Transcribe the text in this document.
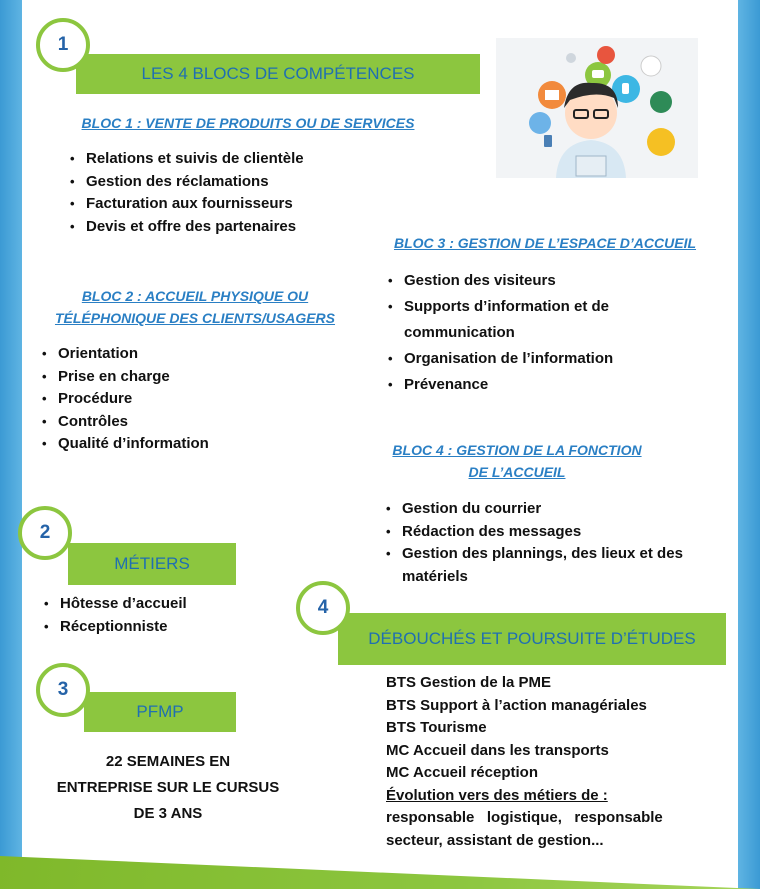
1
LES 4 BLOCS DE COMPÉTENCES
BLOC 1 : VENTE DE PRODUITS OU DE SERVICES
• Relations et suivis de clientèle
• Gestion des réclamations
• Facturation aux fournisseurs
• Devis et offre des partenaires
BLOC 3 : GESTION DE L’ESPACE D’ACCUEIL
• Gestion des visiteurs
• Supports d’information et de communication
• Organisation de l’information
• Prévenance
BLOC 2 : ACCUEIL PHYSIQUE OU
TÉLÉPHONIQUE DES CLIENTS/USAGERS
• Orientation
• Prise en charge
• Procédure
• Contrôles
• Qualité d’information	BLOC 4 : GESTION DE LA FONCTION
DE L’ACCUEIL
• Gestion du courrier
• Rédaction des messages
• Gestion des plannings, des lieux et des matériels
2
MÉTIERS
• Hôtesse d’accueil
• Réceptionniste
3
PFMP
22 SEMAINES EN
ENTREPRISE SUR LE CURSUS
DE 3 ANS
4
DÉBOUCHÉS ET POURSUITE D’ÉTUDES
BTS Gestion de la PME
BTS Support à l’action managériales
BTS Tourisme
MC Accueil dans les transports
MC Accueil réception
Évolution vers des métiers de :
responsable   logistique,   responsable
secteur, assistant de gestion...
